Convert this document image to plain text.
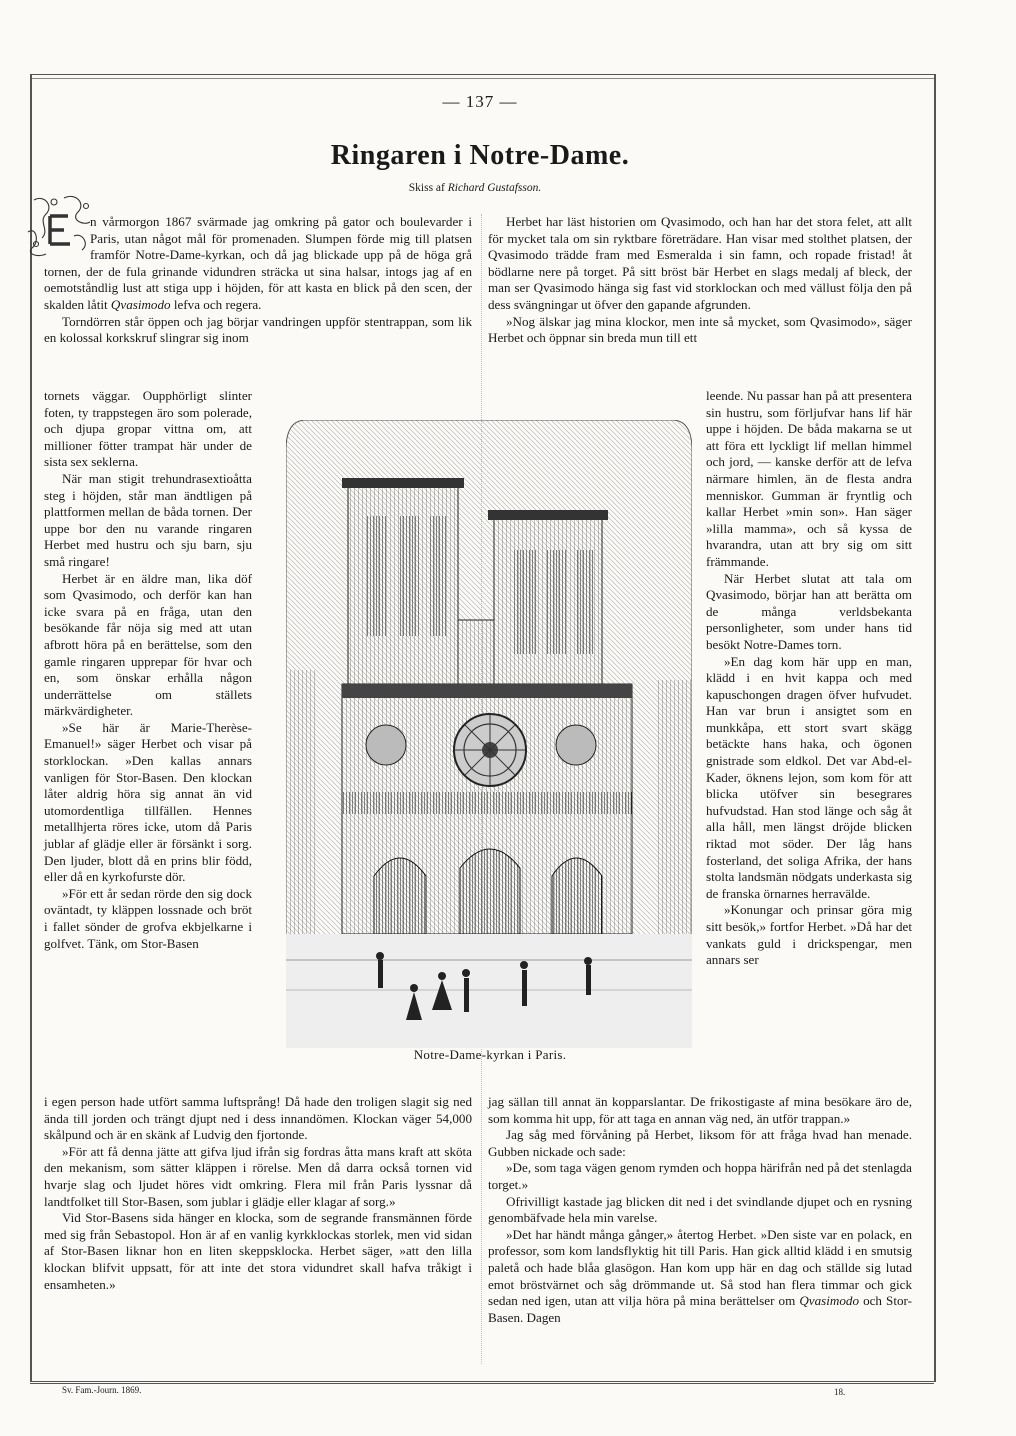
— 137 —
Ringaren i Notre-Dame.
Skiss af Richard Gustafsson.

n vårmorgon 1867 svärmade jag omkring på gator och boulevarder i Paris, utan något mål för promenaden. Slumpen förde mig till platsen framför Notre-Dame-kyrkan, och då jag blickade upp på de höga grå tornen, der de fula grinande vidundren sträcka ut sina halsar, intogs jag af en oemotståndlig lust att stiga upp i höjden, för att kasta en blick på den scen, der skalden låtit Qvasimodo lefva och regera.

Torndörren står öppen och jag börjar vandringen uppför stentrappan, som lik en kolossal korkskruf slingrar sig inom

tornets väggar. Oupphörligt slinter foten, ty trappstegen äro som polerade, och djupa gropar vittna om, att millioner fötter trampat här under de sista sex seklerna.

När man stigit trehundrasextioåtta steg i höjden, står man ändtligen på plattformen mellan de båda tornen. Der uppe bor den nu varande ringaren Herbet med hustru och sju barn, sju små ringare!

Herbet är en äldre man, lika döf som Qvasimodo, och derför kan han icke svara på en fråga, utan den besökande får nöja sig med att utan afbrott höra på en berättelse, som den gamle ringaren upprepar för hvar och en, som önskar erhålla någon underrättelse om ställets märkvärdigheter.

»Se här är Marie-Therèse-Emanuel!» säger Herbet och visar på storklockan. »Den kallas annars vanligen för Stor-Basen. Den klockan låter aldrig höra sig annat än vid utomordentliga tillfällen. Hennes metallhjerta röres icke, utom då Paris jublar af glädje eller är försänkt i sorg. Den ljuder, blott då en prins blir född, eller då en kyrkofurste dör.

»För ett år sedan rörde den sig dock oväntadt, ty kläppen lossnade och bröt i fallet sönder de grofva ekbjelkarne i golfvet. Tänk, om Stor-Basen

i egen person hade utfört samma luftsprång! Då hade den troligen slagit sig ned ända till jorden och trängt djupt ned i dess innandömen. Klockan väger 54,000 skålpund och är en skänk af Ludvig den fjortonde.

»För att få denna jätte att gifva ljud ifrån sig fordras åtta mans kraft att sköta den mekanism, som sätter kläppen i rörelse. Men då darra också tornen vid hvarje slag och ljudet höres vidt omkring. Flera mil från Paris lyssnar då landtfolket till Stor-Basen, som jublar i glädje eller klagar af sorg.»

Vid Stor-Basens sida hänger en klocka, som de segrande fransmännen förde med sig från Sebastopol. Hon är af en vanlig kyrkklockas storlek, men vid sidan af Stor-Basen liknar hon en liten skeppsklocka. Herbet säger, »att den lilla klockan blifvit uppsatt, för att inte det stora vidundret skall hafva tråkigt i ensamheten.»

Herbet har läst historien om Qvasimodo, och han har det stora felet, att allt för mycket tala om sin ryktbare företrädare. Han visar med stolthet platsen, der Qvasimodo trädde fram med Esmeralda i sin famn, och ropade fristad! åt bödlarne nere på torget. På sitt bröst bär Herbet en slags medalj af bleck, der man ser Qvasimodo hänga sig fast vid storklockan och med vällust följa den på dess svängningar ut öfver den gapande afgrunden.

»Nog älskar jag mina klockor, men inte så mycket, som Qvasimodo», säger Herbet och öppnar sin breda mun till ett

leende. Nu passar han på att presentera sin hustru, som förljufvar hans lif här uppe i höjden. De båda makarna se ut att föra ett lyckligt lif mellan himmel och jord, — kanske derför att de lefva närmare himlen, än de flesta andra menniskor. Gumman är fryntlig och kallar Herbet »min son». Han säger »lilla mamma», och så kyssa de hvarandra, utan att bry sig om sitt främmande.

När Herbet slutat att tala om Qvasimodo, börjar han att berätta om de många verldsbekanta personligheter, som under hans tid besökt Notre-Dames torn.

»En dag kom här upp en man, klädd i en hvit kappa och med kapuschongen dragen öfver hufvudet. Han var brun i ansigtet som en munkkåpa, ett stort svart skägg betäckte hans haka, och ögonen gnistrade som eldkol. Det var Abd-el-Kader, öknens lejon, som kom för att blicka utöfver sin besegrares hufvudstad. Han stod länge och såg åt alla håll, men längst dröjde blicken riktad mot söder. Der låg hans fosterland, det soliga Afrika, der hans stolta landsmän nödgats underkasta sig de franska örnarnes herravälde.

»Konungar och prinsar göra mig sitt besök,» fortfor Herbet. »Då har det vankats guld i drickspengar, men annars ser

jag sällan till annat än kopparslantar. De frikostigaste af mina besökare äro de, som komma hit upp, för att taga en annan väg ned, än utför trappan.»

Jag såg med förvåning på Herbet, liksom för att fråga hvad han menade. Gubben nickade och sade:

»De, som taga vägen genom rymden och hoppa härifrån ned på det stenlagda torget.»

Ofrivilligt kastade jag blicken dit ned i det svindlande djupet och en rysning genombäfvade hela min varelse.

»Det har händt många gånger,» återtog Herbet. »Den siste var en polack, en professor, som kom landsflyktig hit till Paris. Han gick alltid klädd i en smutsig paletå och hade blåa glasögon. Han kom upp här en dag och ställde sig lutad emot bröstvärnet och såg drömmande ut. Så stod han flera timmar och gick sedan ned igen, utan att vilja höra på mina berättelser om Qvasimodo och Stor-Basen. Dagen

Notre-Dame-kyrkan i Paris.
Sv. Fam.-Journ. 1869.	18.
